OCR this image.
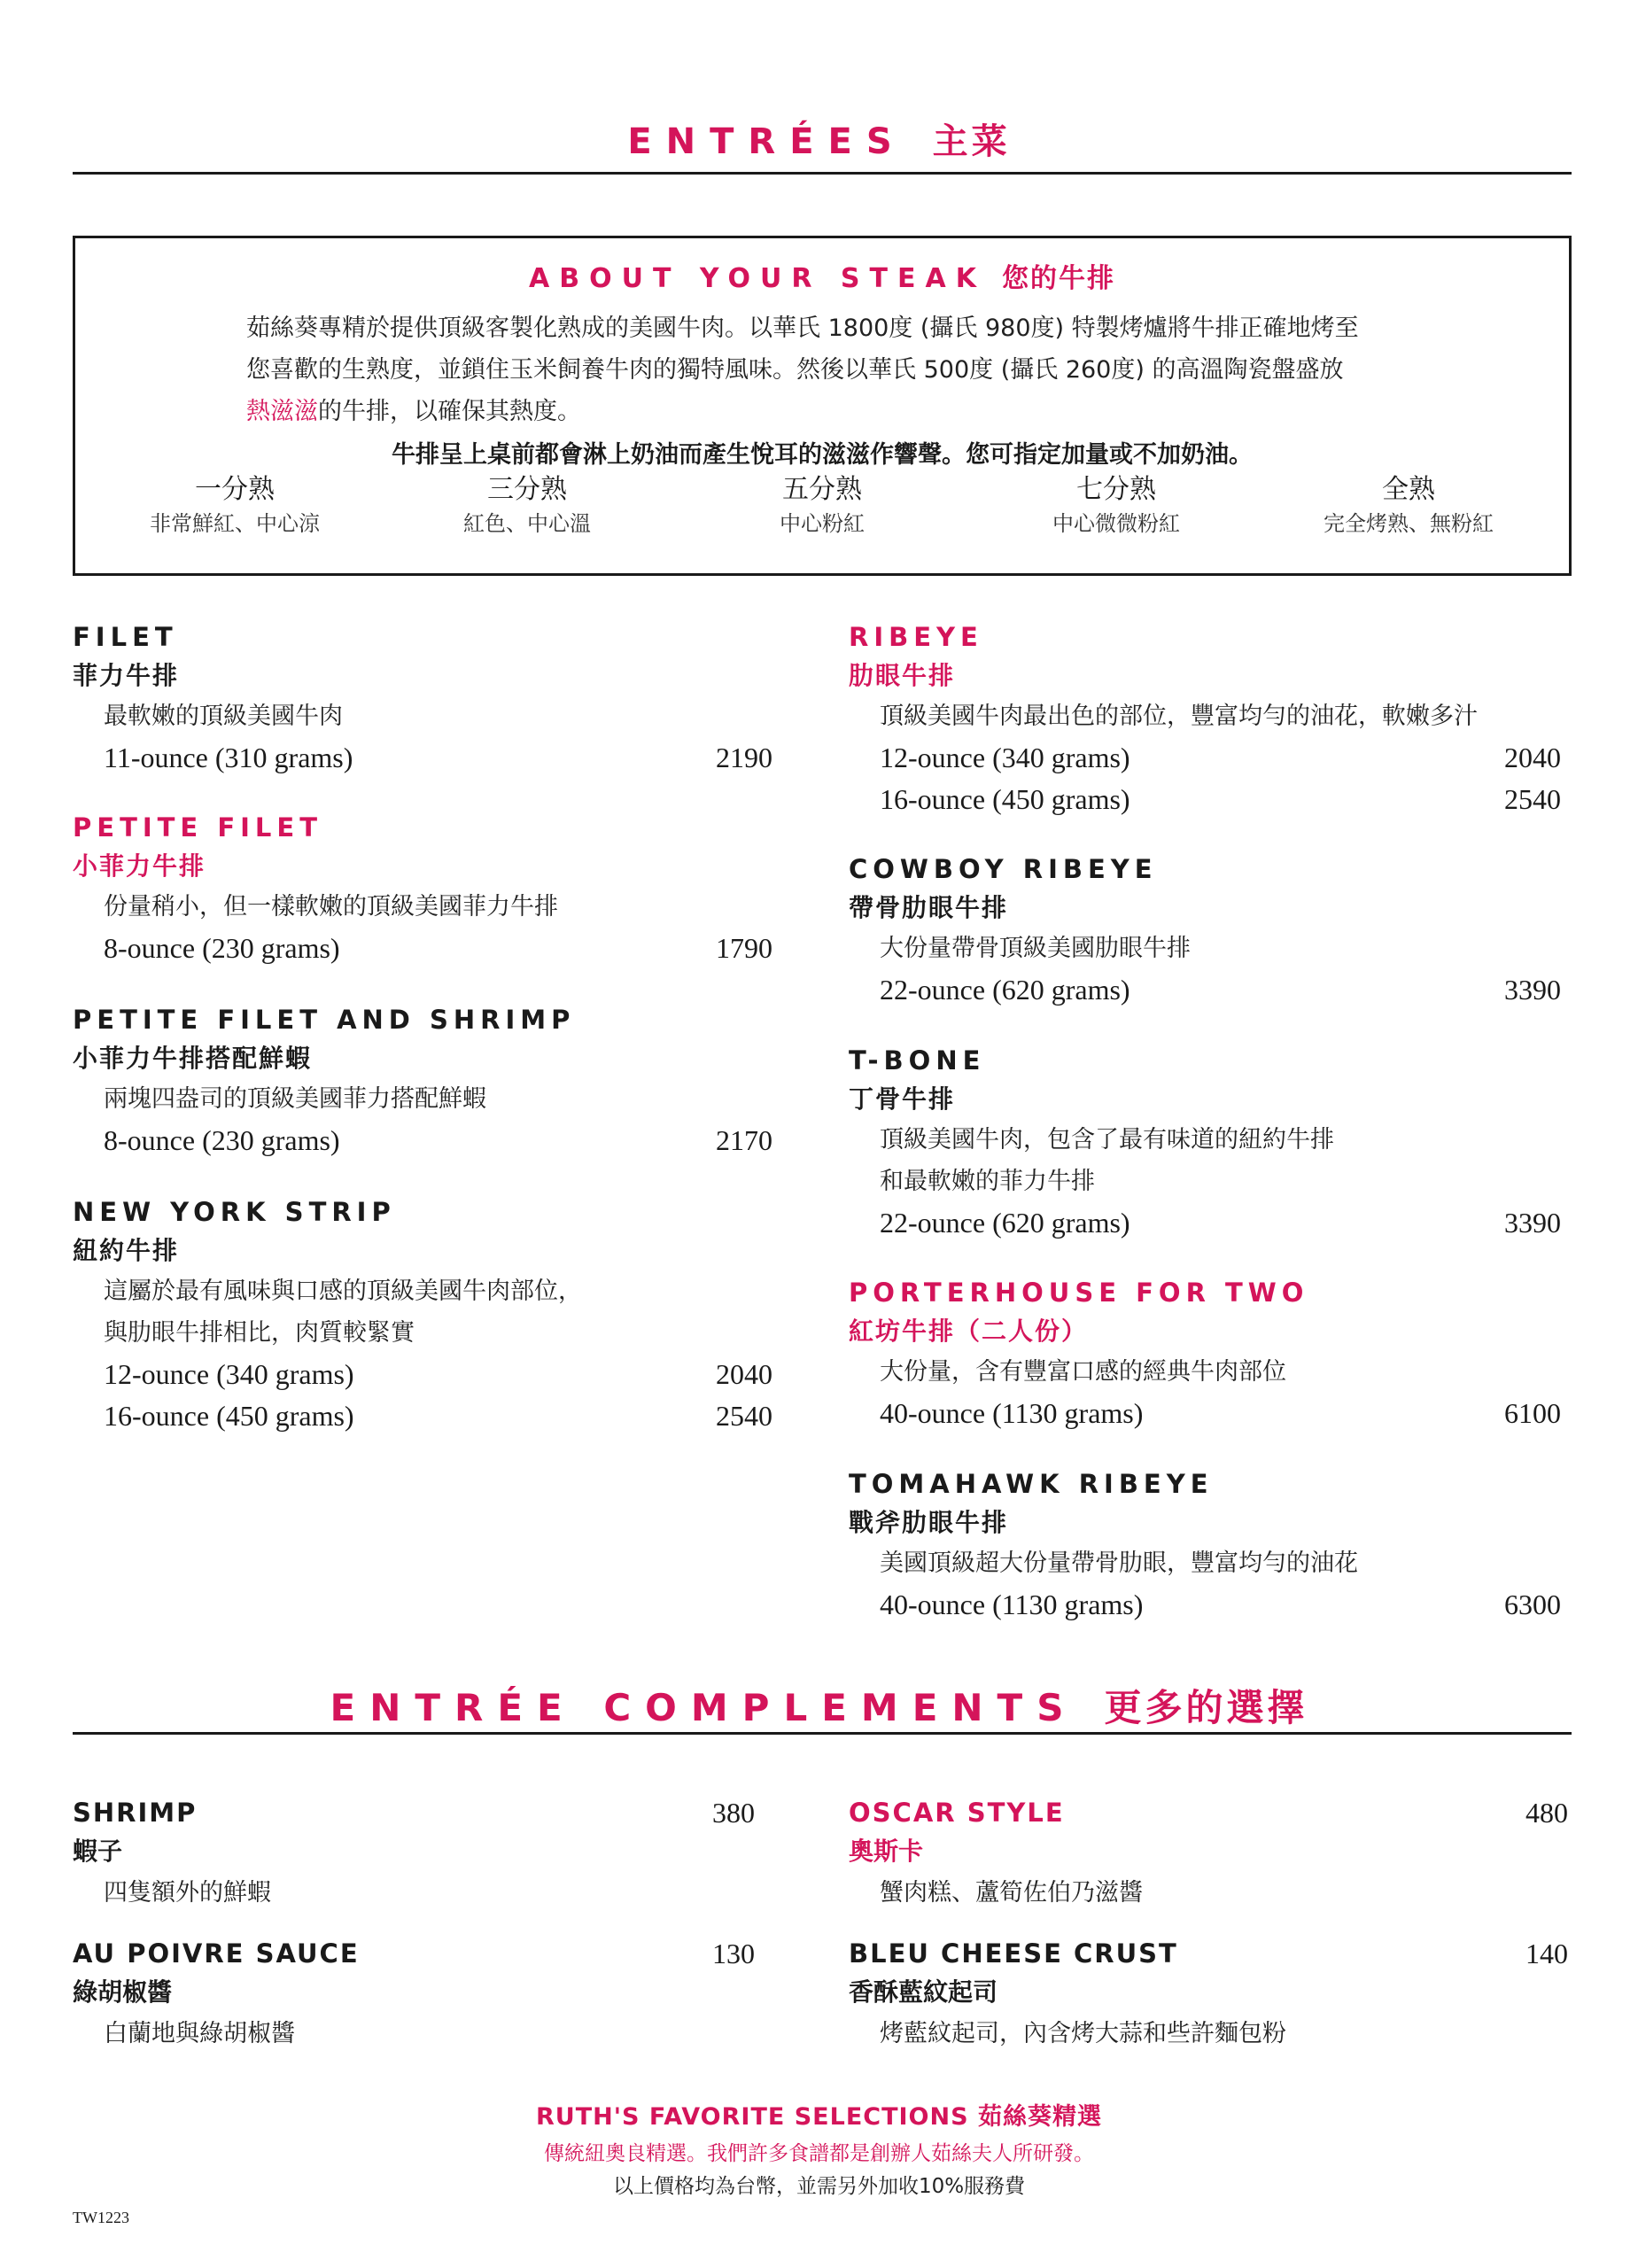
ENTRÉES 主菜
ABOUT YOUR STEAK 您的牛排
茹絲葵專精於提供頂級客製化熟成的美國牛肉。以華氏 1800度 (攝氏 980度) 特製烤爐將牛排正確地烤至
您喜歡的生熟度，並鎖住玉米飼養牛肉的獨特風味。然後以華氏 500度 (攝氏 260度) 的高溫陶瓷盤盛放
熱滋滋的牛排，以確保其熱度。
牛排呈上桌前都會淋上奶油而產生悅耳的滋滋作響聲。您可指定加量或不加奶油。
一分熟
非常鮮紅、中心涼
三分熟
紅色、中心溫
五分熟
中心粉紅
七分熟
中心微微粉紅
全熟
完全烤熟、無粉紅
FILET
菲力牛排
最軟嫩的頂級美國牛肉
11-ounce (310 grams)	2190
PETITE FILET
小菲力牛排
份量稍小，但一樣軟嫩的頂級美國菲力牛排
8-ounce (230 grams)	1790
PETITE FILET AND SHRIMP
小菲力牛排搭配鮮蝦
兩塊四盎司的頂級美國菲力搭配鮮蝦
8-ounce (230 grams)	2170
NEW YORK STRIP
紐約牛排
這屬於最有風味與口感的頂級美國牛肉部位，
與肋眼牛排相比，肉質較緊實
12-ounce (340 grams)	2040
16-ounce (450 grams)	2540
RIBEYE
肋眼牛排
頂級美國牛肉最出色的部位，豐富均勻的油花，軟嫩多汁
12-ounce (340 grams)	2040
16-ounce (450 grams)	2540
COWBOY RIBEYE
帶骨肋眼牛排
大份量帶骨頂級美國肋眼牛排
22-ounce (620 grams)	3390
T-BONE
丁骨牛排
頂級美國牛肉，包含了最有味道的紐約牛排
和最軟嫩的菲力牛排
22-ounce (620 grams)	3390
PORTERHOUSE FOR TWO
紅坊牛排（二人份）
大份量，含有豐富口感的經典牛肉部位
40-ounce (1130 grams)	6100
TOMAHAWK RIBEYE
戰斧肋眼牛排
美國頂級超大份量帶骨肋眼，豐富均勻的油花
40-ounce (1130 grams)	6300
ENTRÉE COMPLEMENTS 更多的選擇
SHRIMP	380
蝦子
四隻額外的鮮蝦
OSCAR STYLE	480
奧斯卡
蟹肉糕、蘆筍佐伯乃滋醬
AU POIVRE SAUCE	130
綠胡椒醬
白蘭地與綠胡椒醬
BLEU CHEESE CRUST	140
香酥藍紋起司
烤藍紋起司，內含烤大蒜和些許麵包粉
RUTH'S FAVORITE SELECTIONS 茹絲葵精選
傳統紐奧良精選。我們許多食譜都是創辦人茹絲夫人所研發。
以上價格均為台幣，並需另外加收10%服務費
TW1223
